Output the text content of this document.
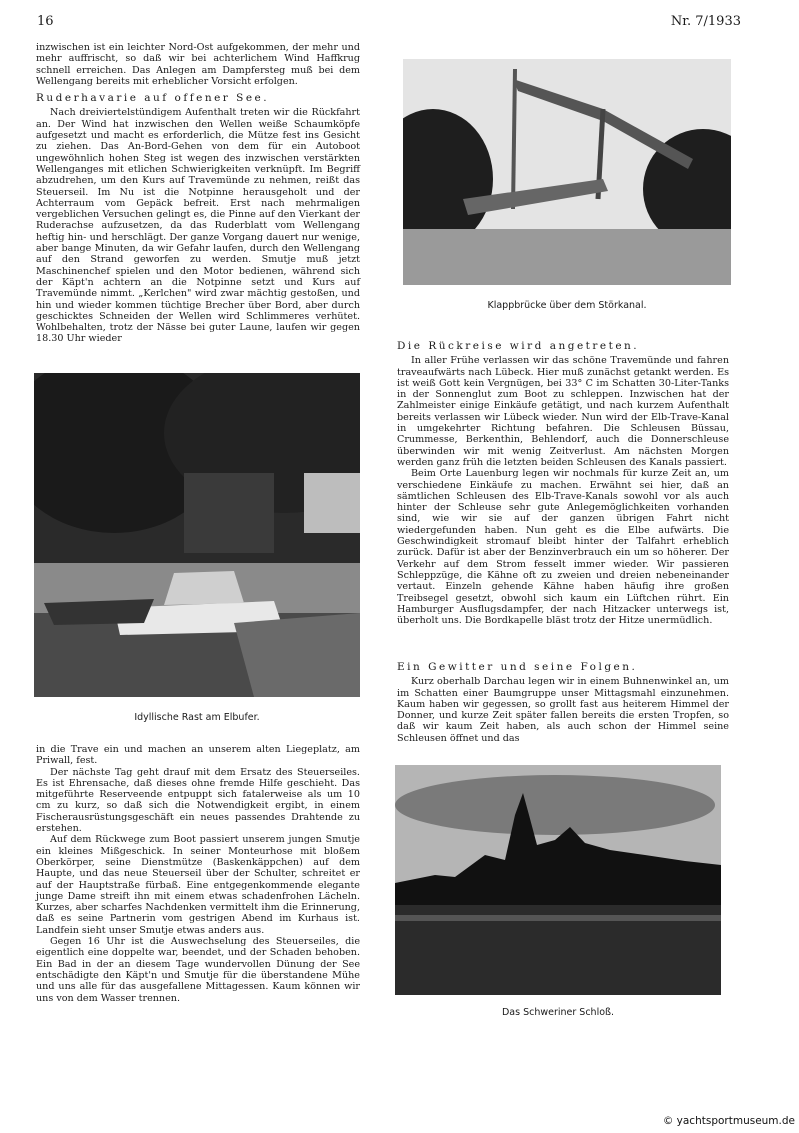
16	Nr. 7/1933

inzwischen ist ein leichter Nord-Ost aufgekommen, der mehr und mehr auffrischt, so daß wir bei achterlichem Wind Haffkrug schnell erreichen. Das Anlegen am Dampfersteg muß bei dem Wellengang bereits mit erheblicher Vorsicht erfolgen.

Ruderhavarie auf offener See.

Nach dreiviertelstündigem Aufenthalt treten wir die Rückfahrt an. Der Wind hat inzwischen den Wellen weiße Schaumköpfe aufgesetzt und macht es erforderlich, die Mütze fest ins Gesicht zu ziehen. Das An-Bord-Gehen von dem für ein Autoboot ungewöhnlich hohen Steg ist wegen des inzwischen verstärkten Wellenganges mit etlichen Schwierigkeiten verknüpft. Im Begriff abzudrehen, um den Kurs auf Travemünde zu nehmen, reißt das Steuerseil. Im Nu ist die Notpinne herausgeholt und der Achterraum vom Gepäck befreit. Erst nach mehrmaligen vergeblichen Versuchen gelingt es, die Pinne auf den Vierkant der Ruderachse aufzusetzen, da das Ruderblatt vom Wellengang heftig hin- und herschlägt. Der ganze Vorgang dauert nur wenige, aber bange Minuten, da wir Gefahr laufen, durch den Wellengang auf den Strand geworfen zu werden. Smutje muß jetzt Maschinenchef spielen und den Motor bedienen, während sich der Käpt'n achtern an die Notpinne setzt und Kurs auf Travemünde nimmt. „Kerlchen" wird zwar mächtig gestoßen, und hin und wieder kommen tüchtige Brecher über Bord, aber durch geschicktes Schneiden der Wellen wird Schlimmeres verhütet. Wohlbehalten, trotz der Nässe bei guter Laune, laufen wir gegen 18.30 Uhr wieder

Idyllische Rast am Elbufer.

in die Trave ein und machen an unserem alten Liegeplatz, am Priwall, fest.

Der nächste Tag geht drauf mit dem Ersatz des Steuerseiles. Es ist Ehrensache, daß dieses ohne fremde Hilfe geschieht. Das mitgeführte Reserveende entpuppt sich fatalerweise als um 10 cm zu kurz, so daß sich die Notwendigkeit ergibt, in einem Fischerausrüstungsgeschäft ein neues passendes Drahtende zu erstehen.

Auf dem Rückwege zum Boot passiert unserem jungen Smutje ein kleines Mißgeschick. In seiner Monteurhose mit bloßem Oberkörper, seine Dienstmütze (Baskenkäppchen) auf dem Haupte, und das neue Steuerseil über der Schulter, schreitet er auf der Hauptstraße fürbaß. Eine entgegenkommende elegante junge Dame streift ihn mit einem etwas schadenfrohen Lächeln. Kurzes, aber scharfes Nachdenken vermittelt ihm die Erinnerung, daß es seine Partnerin vom gestrigen Abend im Kurhaus ist. Landfein sieht unser Smutje etwas anders aus.

Gegen 16 Uhr ist die Auswechselung des Steuerseiles, die eigentlich eine doppelte war, beendet, und der Schaden behoben. Ein Bad in der an diesem Tage wundervollen Dünung der See entschädigte den Käpt'n und Smutje für die überstandene Mühe und uns alle für das ausgefallene Mittagessen. Kaum können wir uns von dem Wasser trennen.

Klappbrücke über dem Störkanal.
Die Rückreise wird angetreten.

In aller Frühe verlassen wir das schöne Travemünde und fahren traveaufwärts nach Lübeck. Hier muß zunächst getankt werden. Es ist weiß Gott kein Vergnügen, bei 33° C im Schatten 30-Liter-Tanks in der Sonnenglut zum Boot zu schleppen. Inzwischen hat der Zahlmeister einige Einkäufe getätigt, und nach kurzem Aufenthalt bereits verlassen wir Lübeck wieder. Nun wird der Elb-Trave-Kanal in umgekehrter Richtung befahren. Die Schleusen Büssau, Crummesse, Berkenthin, Behlendorf, auch die Donnerschleuse überwinden wir mit wenig Zeitverlust. Am nächsten Morgen werden ganz früh die letzten beiden Schleusen des Kanals passiert.

Beim Orte Lauenburg legen wir nochmals für kurze Zeit an, um verschiedene Einkäufe zu machen. Erwähnt sei hier, daß an sämtlichen Schleusen des Elb-Trave-Kanals sowohl vor als auch hinter der Schleuse sehr gute Anlegemöglichkeiten vorhanden sind, wie wir sie auf der ganzen übrigen Fahrt nicht wiedergefunden haben. Nun geht es die Elbe aufwärts. Die Geschwindigkeit stromauf bleibt hinter der Talfahrt erheblich zurück. Dafür ist aber der Benzinverbrauch ein um so höherer. Der Verkehr auf dem Strom fesselt immer wieder. Wir passieren Schleppzüge, die Kähne oft zu zweien und dreien nebeneinander vertaut. Einzeln gehende Kähne haben häufig ihre großen Treibsegel gesetzt, obwohl sich kaum ein Lüftchen rührt. Ein Hamburger Ausflugsdampfer, der nach Hitzacker unterwegs ist, überholt uns. Die Bordkapelle bläst trotz der Hitze unermüdlich.

Ein Gewitter und seine Folgen.

Kurz oberhalb Darchau legen wir in einem Buhnenwinkel an, um im Schatten einer Baumgruppe unser Mittagsmahl einzunehmen. Kaum haben wir gegessen, so grollt fast aus heiterem Himmel der Donner, und kurze Zeit später fallen bereits die ersten Tropfen, so daß wir kaum Zeit haben, als auch schon der Himmel seine Schleusen öffnet und das

Das Schweriner Schloß.
© yachtsportmuseum.de
